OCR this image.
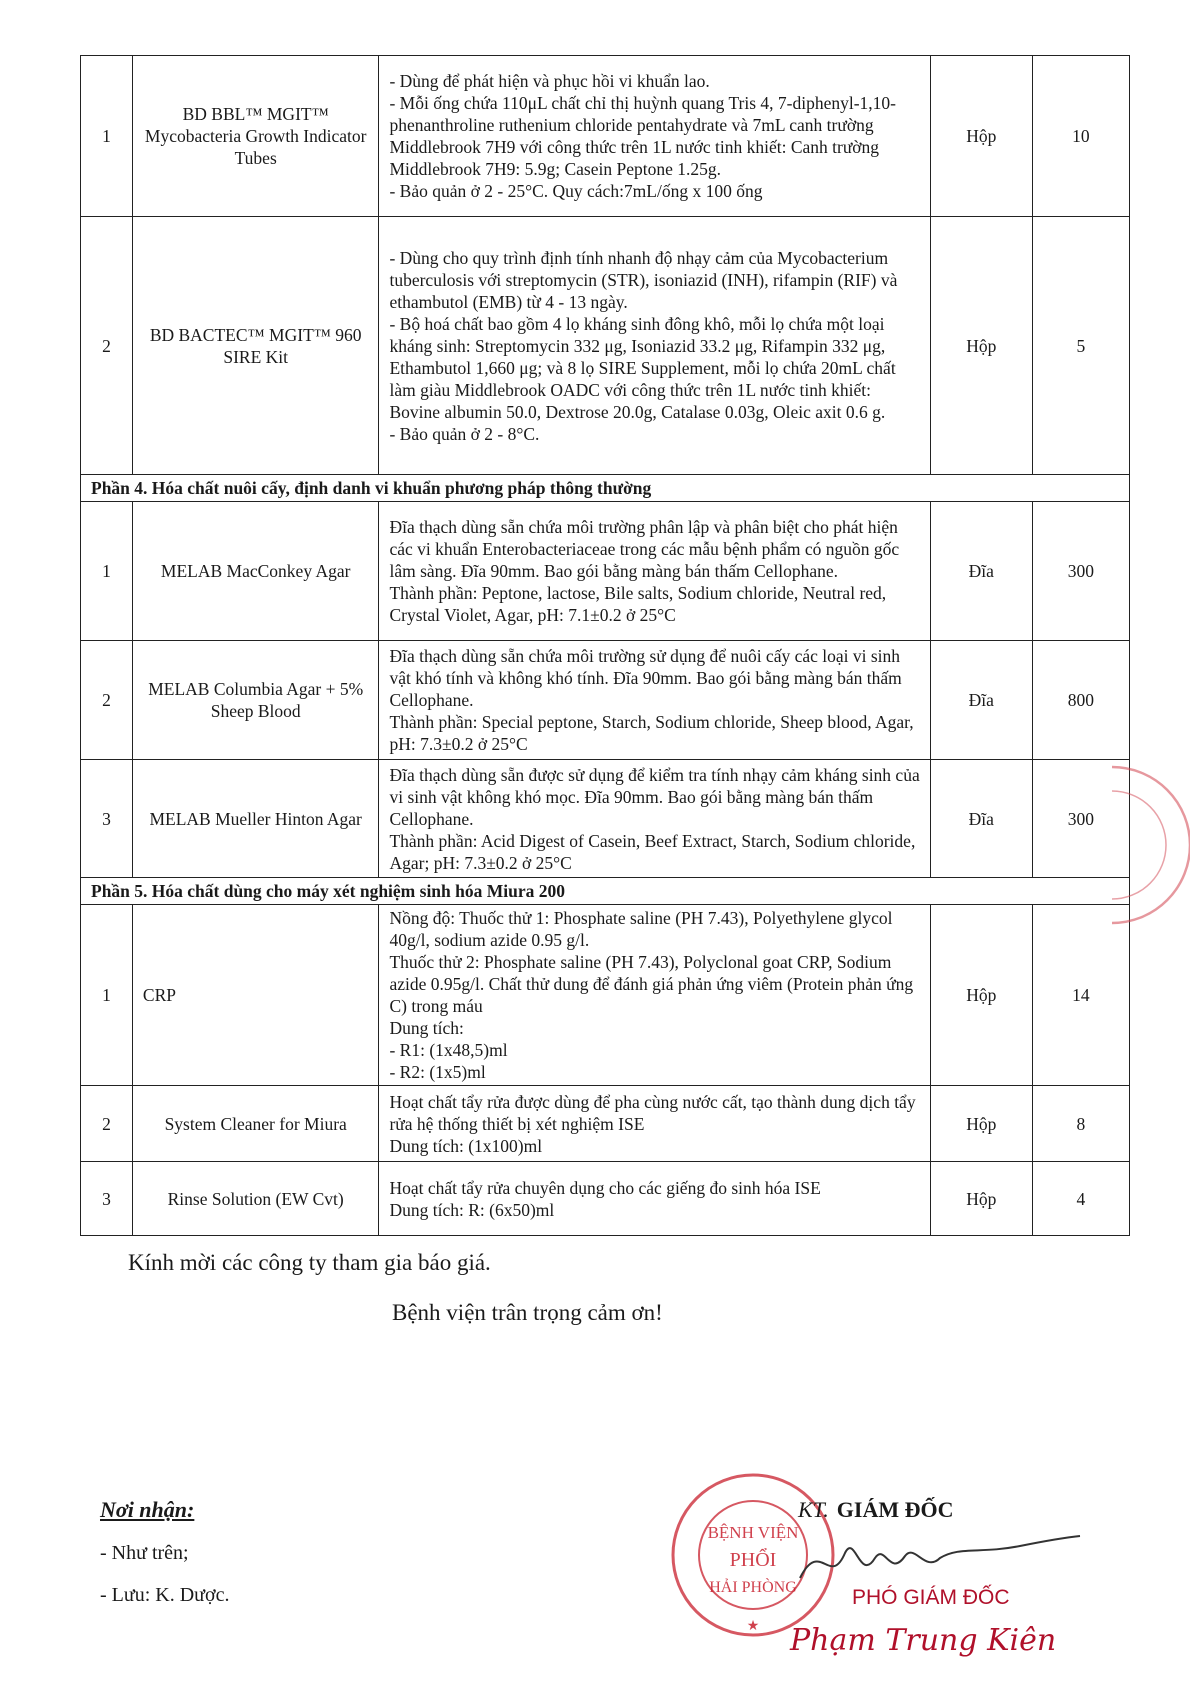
1	BD BBL™ MGIT™ Mycobacteria Growth Indicator Tubes	- Dùng để phát hiện và phục hồi vi khuẩn lao.
- Mỗi ống chứa 110μL chất chỉ thị huỳnh quang Tris 4, 7-diphenyl-1,10-phenanthroline ruthenium chloride pentahydrate và 7mL canh trường Middlebrook 7H9 với công thức trên 1L nước tinh khiết: Canh trường Middlebrook 7H9: 5.9g; Casein Peptone 1.25g.
- Bảo quản ở 2 - 25°C. Quy cách:7mL/ống x 100 ống	Hộp	10
2	BD BACTEC™ MGIT™ 960 SIRE Kit	- Dùng cho quy trình định tính nhanh độ nhạy cảm của Mycobacterium tuberculosis với streptomycin (STR), isoniazid (INH), rifampin (RIF) và ethambutol (EMB) từ 4 - 13 ngày.
- Bộ hoá chất bao gồm 4 lọ kháng sinh đông khô, mỗi lọ chứa một loại kháng sinh: Streptomycin 332 μg, Isoniazid 33.2 μg, Rifampin 332 μg, Ethambutol 1,660 μg; và 8 lọ SIRE Supplement, mỗi lọ chứa 20mL chất làm giàu Middlebrook OADC với công thức trên 1L nước tinh khiết: Bovine albumin 50.0, Dextrose 20.0g, Catalase 0.03g, Oleic axit 0.6 g.
- Bảo quản ở 2 - 8°C.	Hộp	5
Phần 4. Hóa chất nuôi cấy, định danh vi khuẩn phương pháp thông thường				
1	MELAB MacConkey Agar	Đĩa thạch dùng sẵn chứa môi trường phân lập và phân biệt cho phát hiện các vi khuẩn Enterobacteriaceae trong các mẫu bệnh phẩm có nguồn gốc lâm sàng. Đĩa 90mm. Bao gói bằng màng bán thấm Cellophane.
Thành phần: Peptone, lactose, Bile salts, Sodium chloride, Neutral red, Crystal Violet, Agar, pH: 7.1±0.2 ở 25°C	Đĩa	300
2	MELAB Columbia Agar + 5% Sheep Blood	Đĩa thạch dùng sẵn chứa môi trường sử dụng để nuôi cấy các loại vi sinh vật khó tính và không khó tính. Đĩa 90mm. Bao gói bằng màng bán thấm Cellophane.
Thành phần: Special peptone, Starch, Sodium chloride, Sheep blood, Agar, pH: 7.3±0.2 ở 25°C	Đĩa	800
3	MELAB Mueller Hinton Agar	Đĩa thạch dùng sẵn được sử dụng để kiểm tra tính nhạy cảm kháng sinh của vi sinh vật không khó mọc. Đĩa 90mm. Bao gói bằng màng bán thấm Cellophane.
Thành phần: Acid Digest of Casein, Beef Extract, Starch, Sodium chloride, Agar; pH: 7.3±0.2 ở 25°C	Đĩa	300
Phần 5. Hóa chất dùng cho máy xét nghiệm sinh hóa Miura 200				
1	CRP	Nồng độ: Thuốc thử 1: Phosphate saline (PH 7.43), Polyethylene glycol 40g/l, sodium azide 0.95 g/l.
Thuốc thử 2: Phosphate saline (PH 7.43), Polyclonal goat CRP, Sodium azide 0.95g/l. Chất thử dung để đánh giá phản ứng viêm (Protein phản ứng C) trong máu
Dung tích:
- R1: (1x48,5)ml
- R2: (1x5)ml	Hộp	14
2	System Cleaner for Miura	Hoạt chất tẩy rửa được dùng để pha cùng nước cất, tạo thành dung dịch tẩy rửa hệ thống thiết bị xét nghiệm ISE
Dung tích: (1x100)ml	Hộp	8
3	Rinse Solution (EW Cvt)	Hoạt chất tẩy rửa chuyên dụng cho các giếng đo sinh hóa ISE
Dung tích: R: (6x50)ml	Hộp	4
Kính mời các công ty tham gia báo giá.
Bệnh viện trân trọng cảm ơn!
Nơi nhận:
- Như trên;
- Lưu: K. Dược.
BỆNH VIỆN
PHỔI
HẢI PHÒNG
★
KT. GIÁM ĐỐC
PHÓ GIÁM ĐỐC
Phạm Trung Kiên
